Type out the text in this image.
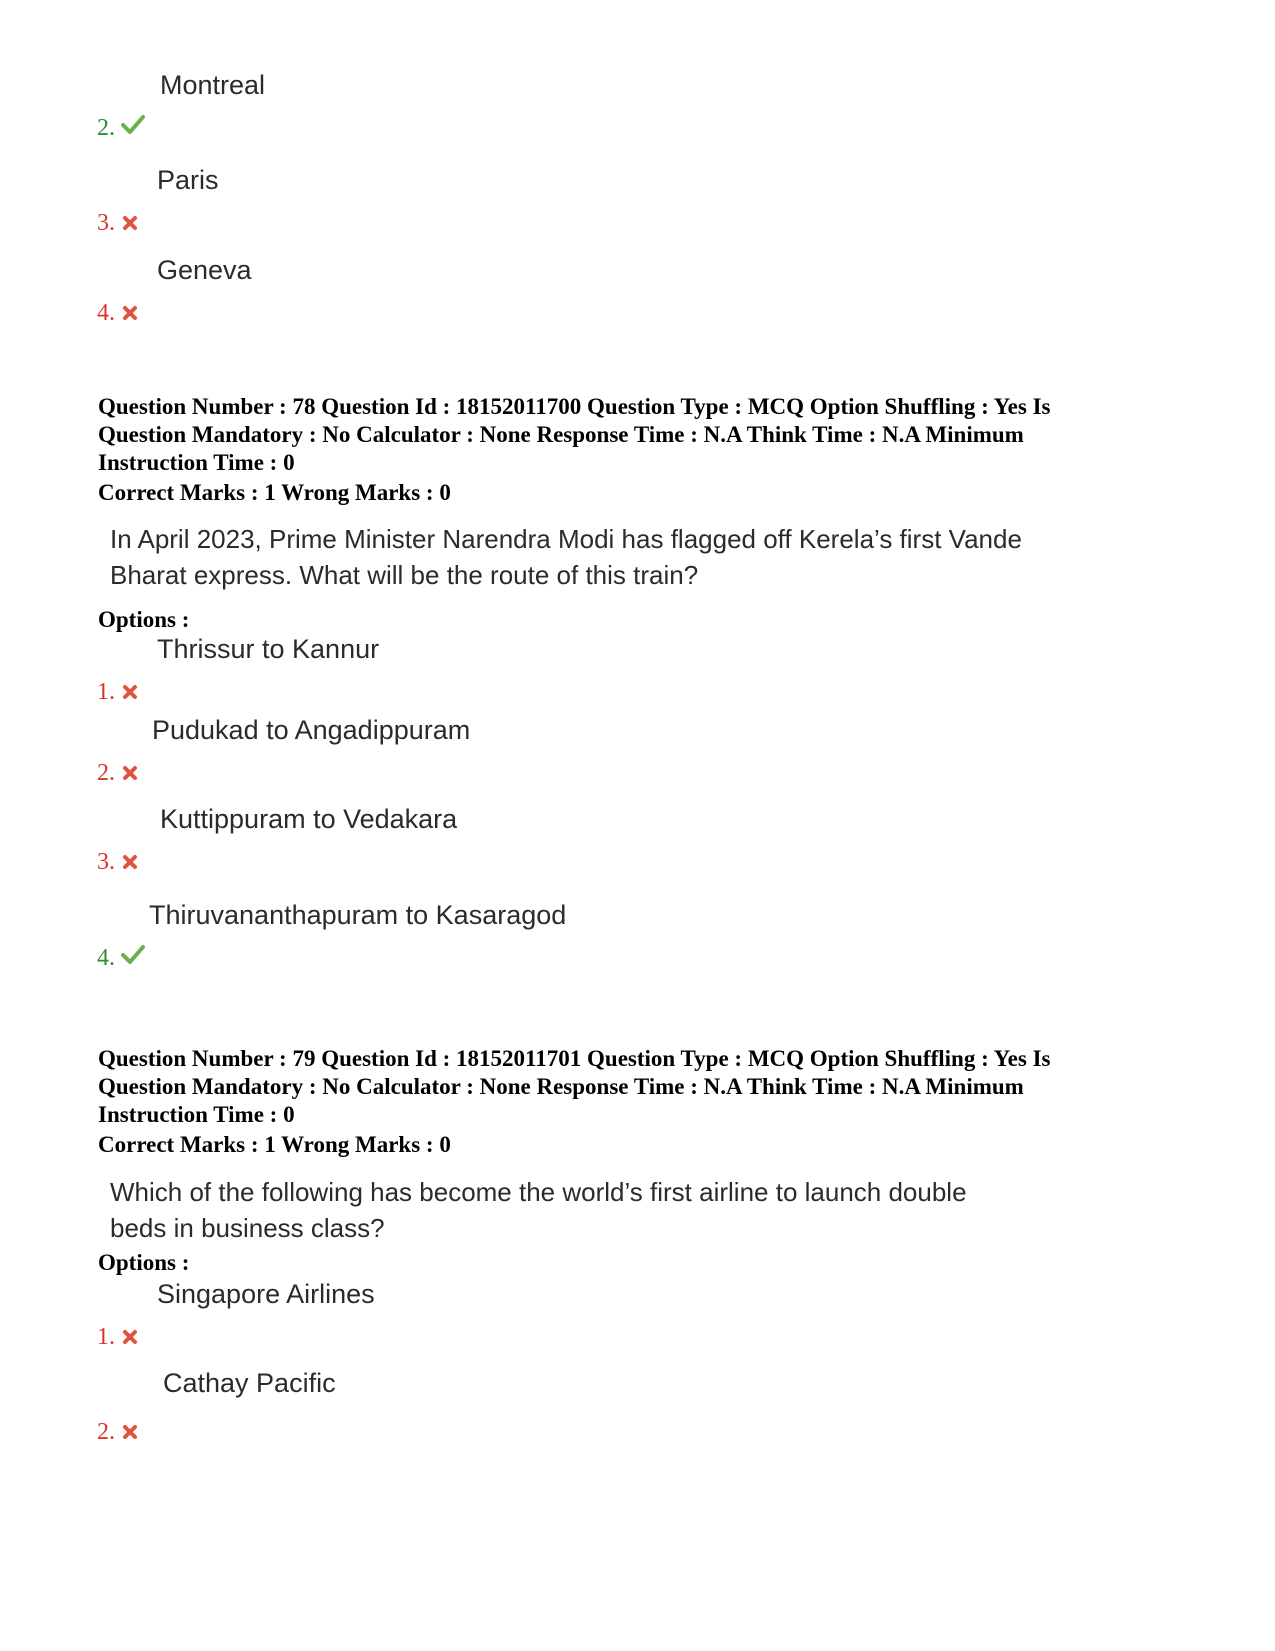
2.
Montreal
3.
Paris
4.
Geneva

Question Number : 78 Question Id : 18152011700 Question Type : MCQ Option Shuffling : Yes Is

Question Mandatory : No Calculator : None Response Time : N.A Think Time : N.A Minimum

Instruction Time : 0

Correct Marks : 1 Wrong Marks : 0
In April 2023, Prime Minister Narendra Modi has flagged off Kerela’s first Vande
Bharat express. What will be the route of this train?
Options :
1.
Thrissur to Kannur
2.
Pudukad to Angadippuram
3.
Kuttippuram to Vedakara
4.
Thiruvananthapuram to Kasaragod

Question Number : 79 Question Id : 18152011701 Question Type : MCQ Option Shuffling : Yes Is

Question Mandatory : No Calculator : None Response Time : N.A Think Time : N.A Minimum

Instruction Time : 0

Correct Marks : 1 Wrong Marks : 0
Which of the following has become the world’s first airline to launch double
beds in business class?
Options :
1.
Singapore Airlines
2.
Cathay Pacific
